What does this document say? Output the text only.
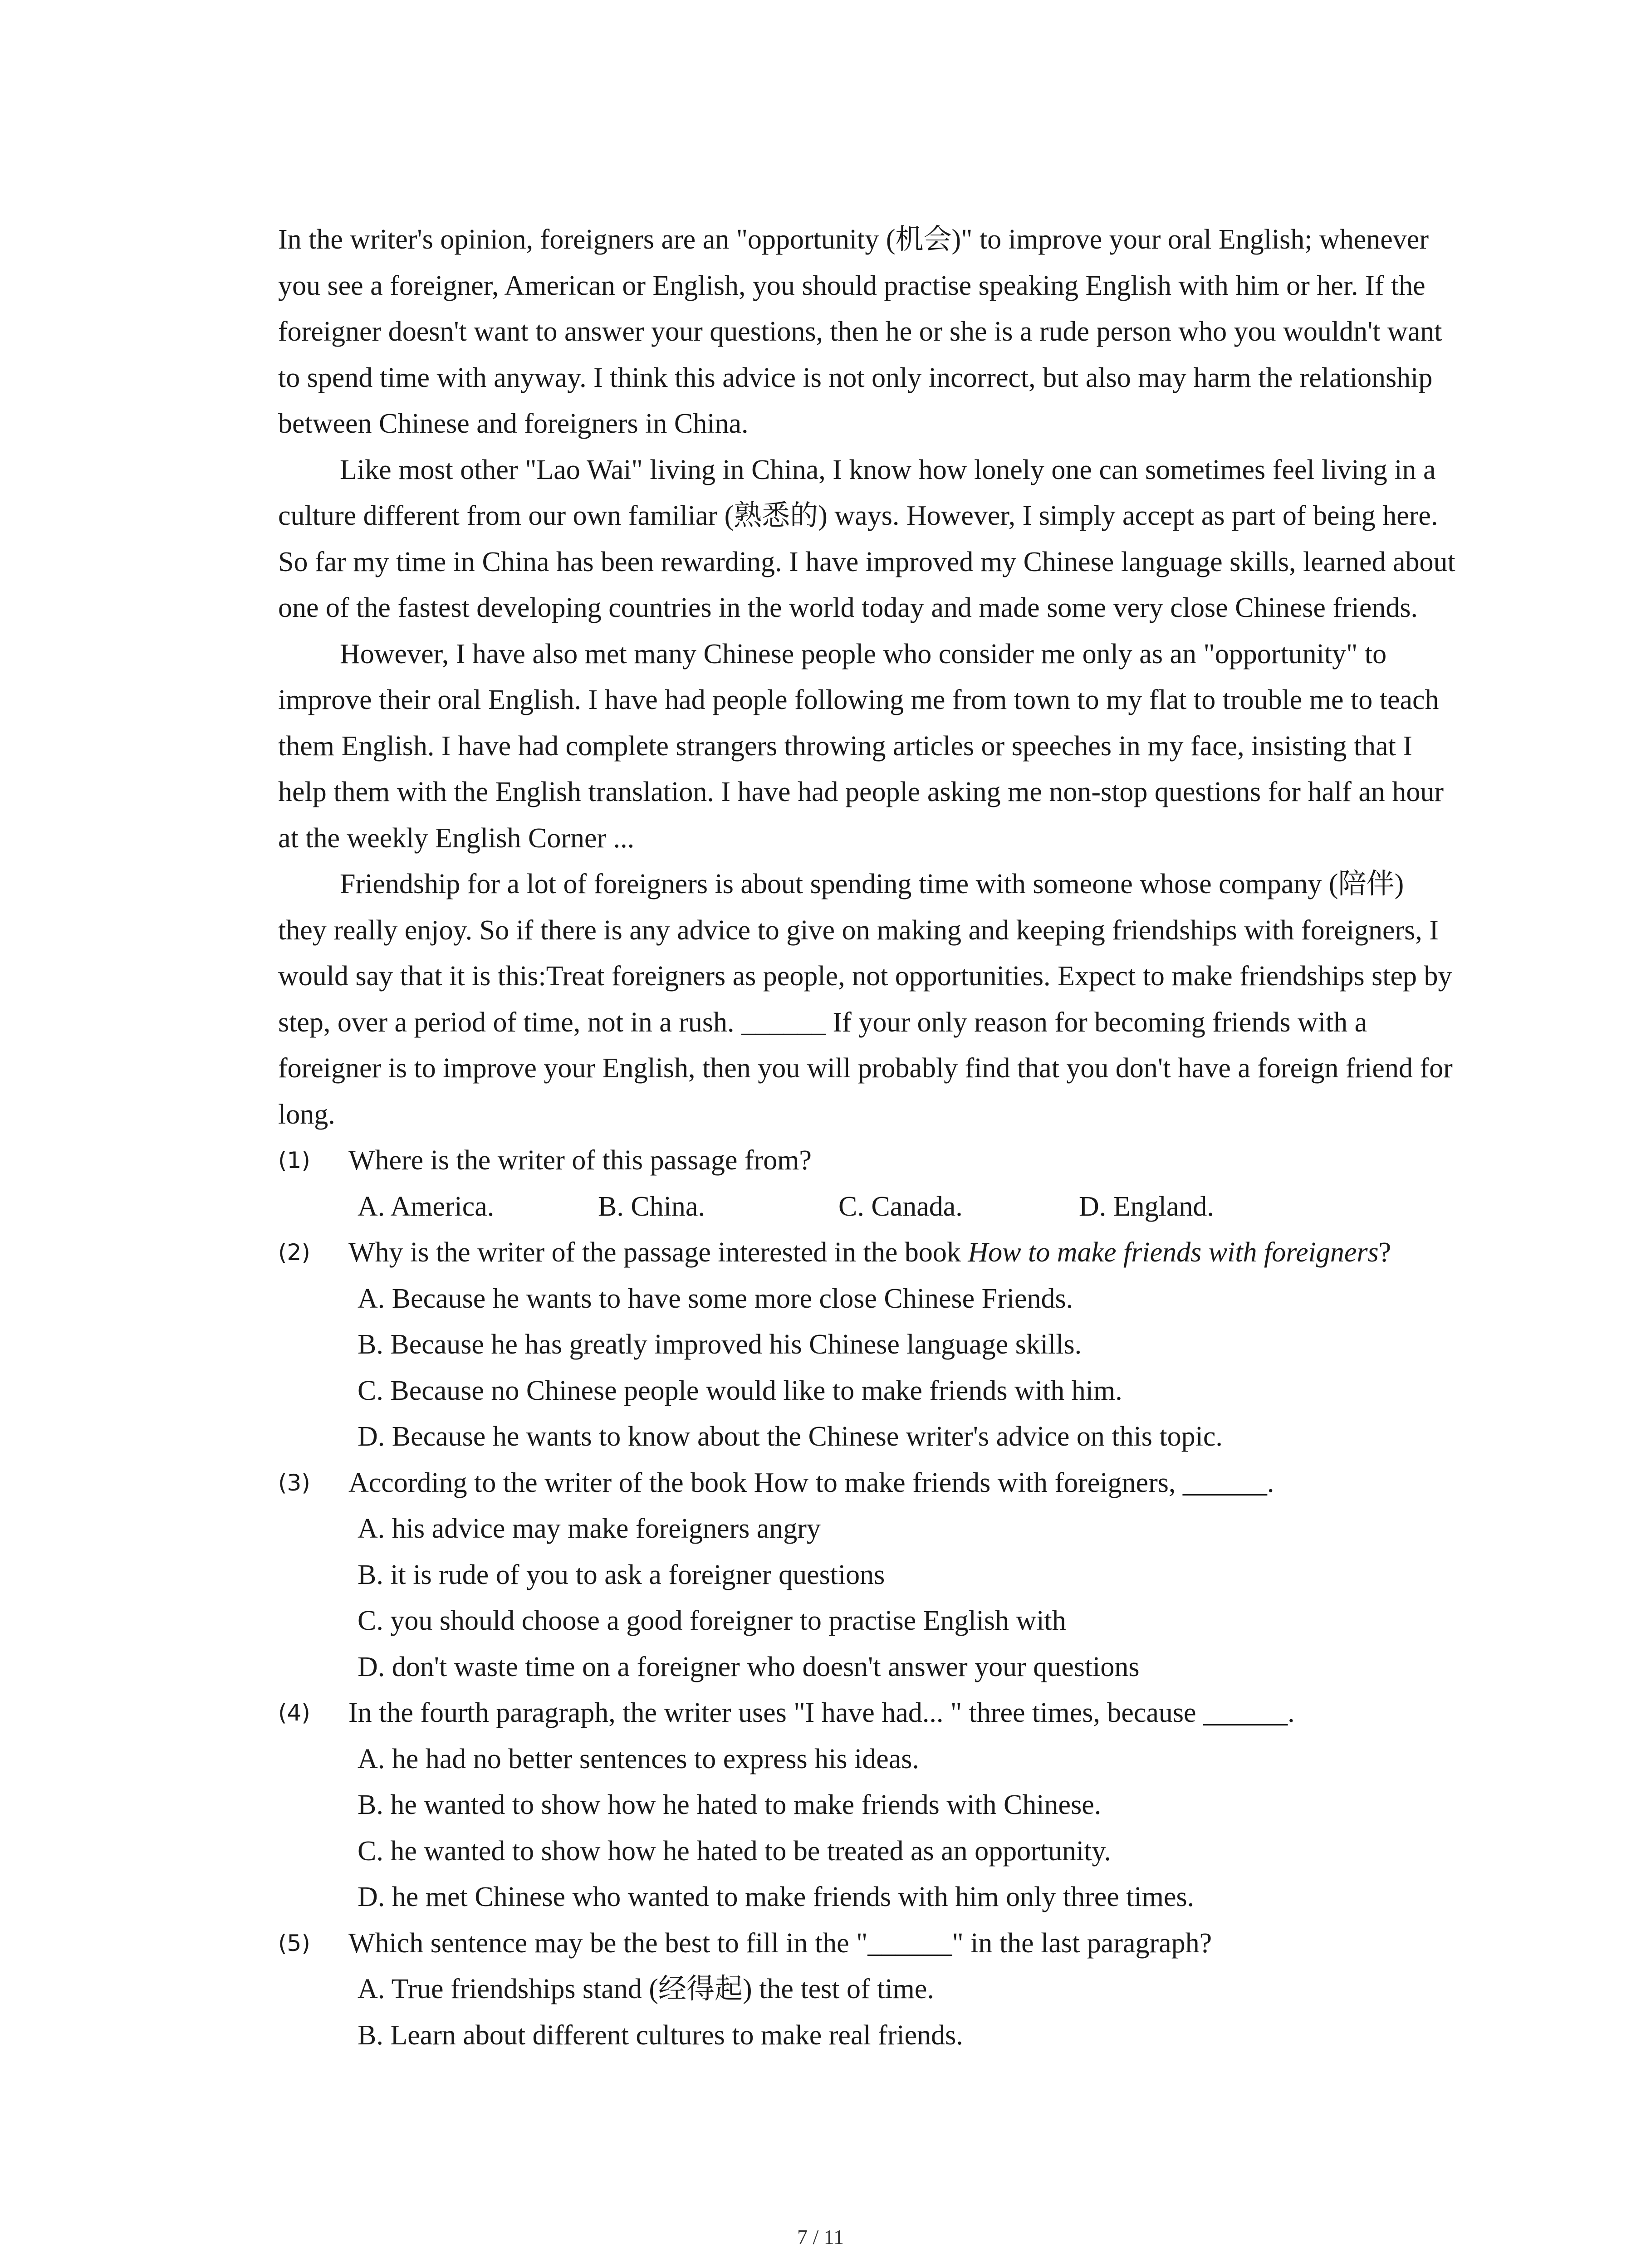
In the writer's opinion, foreigners are an "opportunity (机会)" to improve your oral English; whenever you see a foreigner, American or English, you should practise speaking English with him or her. If the foreigner doesn't want to answer your questions, then he or she is a rude person who you wouldn't want to spend time with anyway. I think this advice is not only incorrect, but also may harm the relationship between Chinese and foreigners in China.

Like most other "Lao Wai" living in China, I know how lonely one can sometimes feel living in a culture different from our own familiar (熟悉的) ways. However, I simply accept as part of being here. So far my time in China has been rewarding. I have improved my Chinese language skills, learned about one of the fastest developing countries in the world today and made some very close Chinese friends.

However, I have also met many Chinese people who consider me only as an "opportunity" to improve their oral English. I have had people following me from town to my flat to trouble me to teach them English. I have had complete strangers throwing articles or speeches in my face, insisting that I help them with the English translation. I have had people asking me non-stop questions for half an hour at the weekly English Corner ...

Friendship for a lot of foreigners is about spending time with someone whose company (陪伴) they really enjoy. So if there is any advice to give on making and keeping friendships with foreigners, I would say that it is this:Treat foreigners as people, not opportunities. Expect to make friendships step by step, over a period of time, not in a rush. ______ If your only reason for becoming friends with a foreigner is to improve your English, then you will probably find that you don't have a foreign friend for long.

(1)	Where is the writer of this passage from?
A. America.	B. China.	C. Canada.	D. England.
(2)	Why is the writer of the passage interested in the book How to make friends with foreigners?
A. Because he wants to have some more close Chinese Friends.
B. Because he has greatly improved his Chinese language skills.
C. Because no Chinese people would like to make friends with him.
D. Because he wants to know about the Chinese writer's advice on this topic.
(3)	According to the writer of the book How to make friends with foreigners, ______.
A. his advice may make foreigners angry
B. it is rude of you to ask a foreigner questions
C. you should choose a good foreigner to practise English with
D. don't waste time on a foreigner who doesn't answer your questions
(4)	In the fourth paragraph, the writer uses "I have had... " three times, because ______.
A. he had no better sentences to express his ideas.
B. he wanted to show how he hated to make friends with Chinese.
C. he wanted to show how he hated to be treated as an opportunity.
D. he met Chinese who wanted to make friends with him only three times.
(5)	Which sentence may be the best to fill in the "______" in the last paragraph?
A. True friendships stand (经得起) the test of time.
B. Learn about different cultures to make real friends.
7 / 11
